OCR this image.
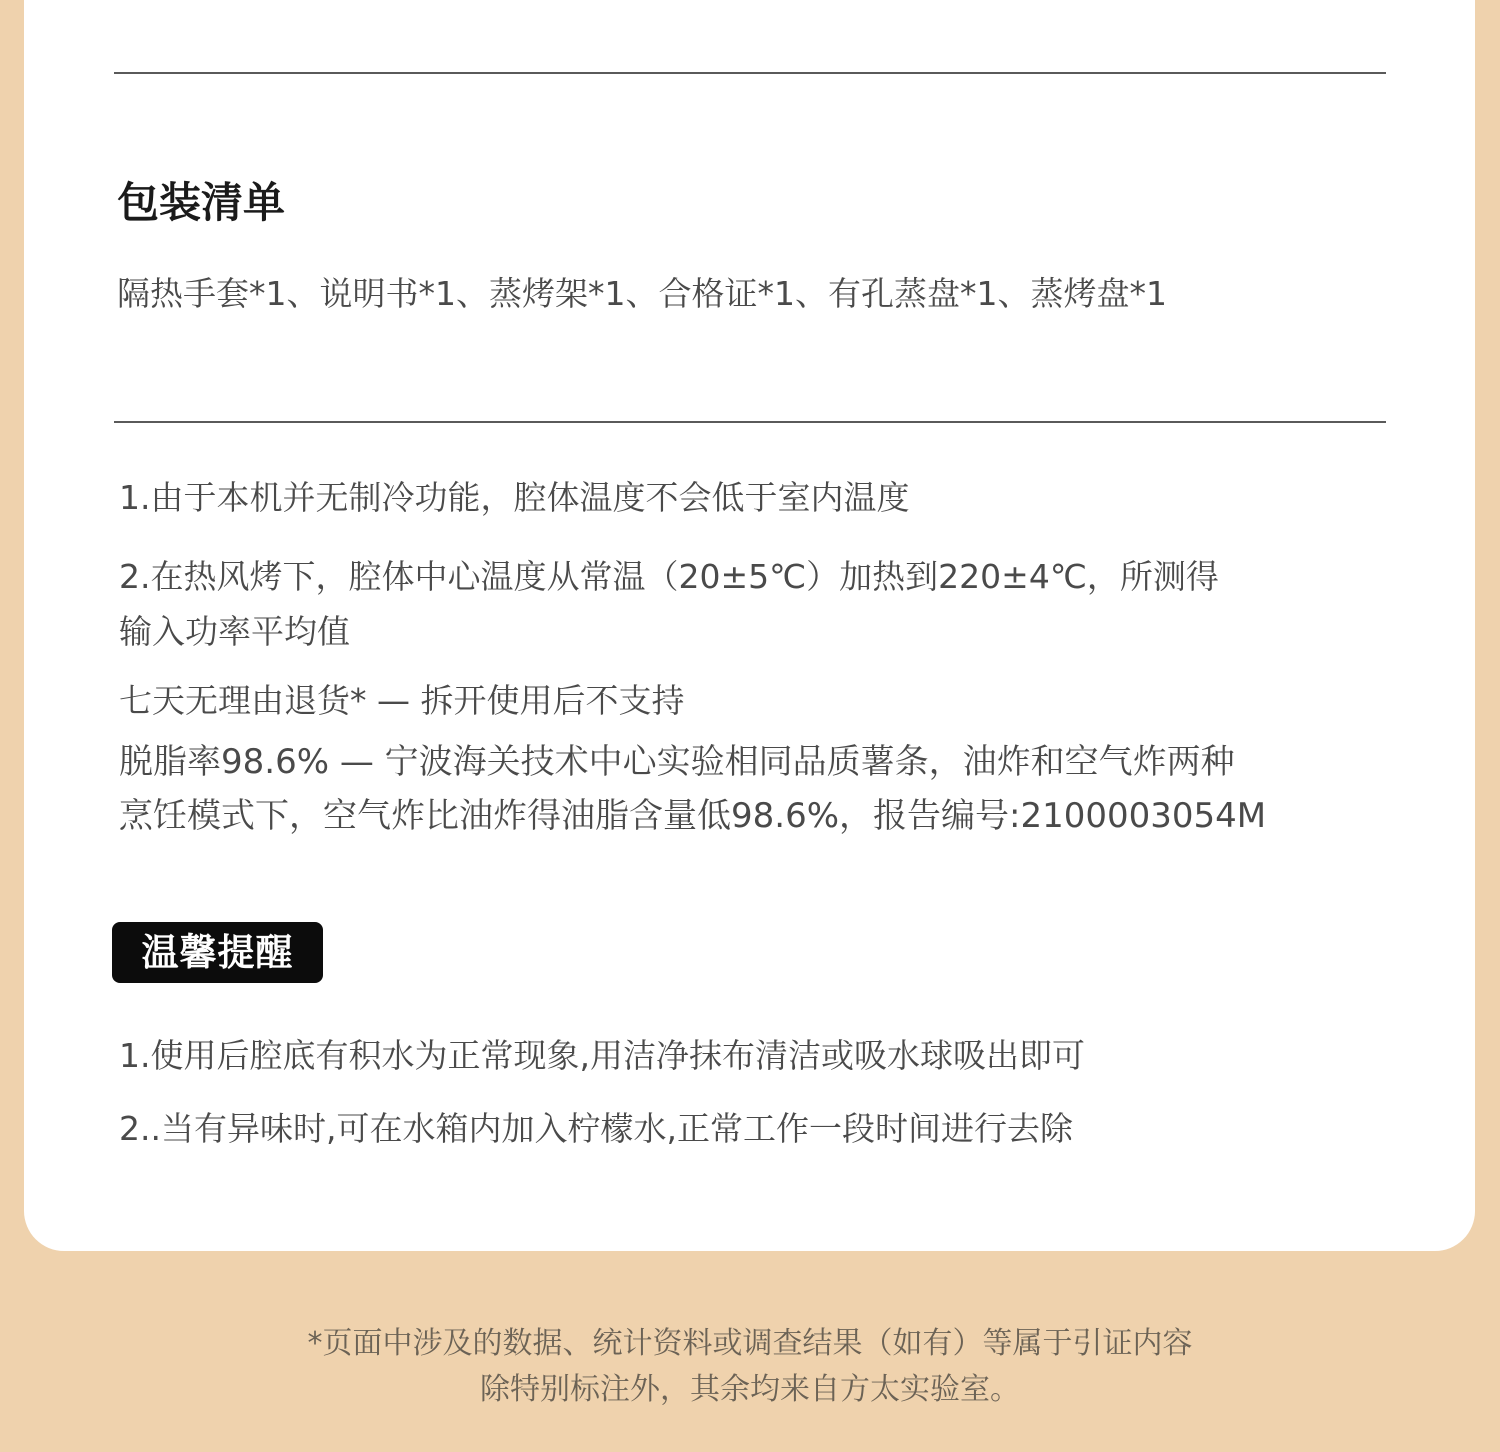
包装清单
隔热手套*1、说明书*1、蒸烤架*1、合格证*1、有孔蒸盘*1、蒸烤盘*1

1.由于本机并无制冷功能，腔体温度不会低于室内温度

2.在热风烤下，腔体中心温度从常温（20±5℃）加热到220±4℃，所测得

输入功率平均值

七天无理由退货* — 拆开使用后不支持

脱脂率98.6% — 宁波海关技术中心实验相同品质薯条，油炸和空气炸两种

烹饪模式下，空气炸比油炸得油脂含量低98.6%，报告编号:2100003054M

温馨提醒
1.使用后腔底有积水为正常现象,用洁净抹布清洁或吸水球吸出即可
2..当有异味时,可在水箱内加入柠檬水,正常工作一段时间进行去除
*页面中涉及的数据、统计资料或调查结果（如有）等属于引证内容
除特别标注外，其余均来自方太实验室。
